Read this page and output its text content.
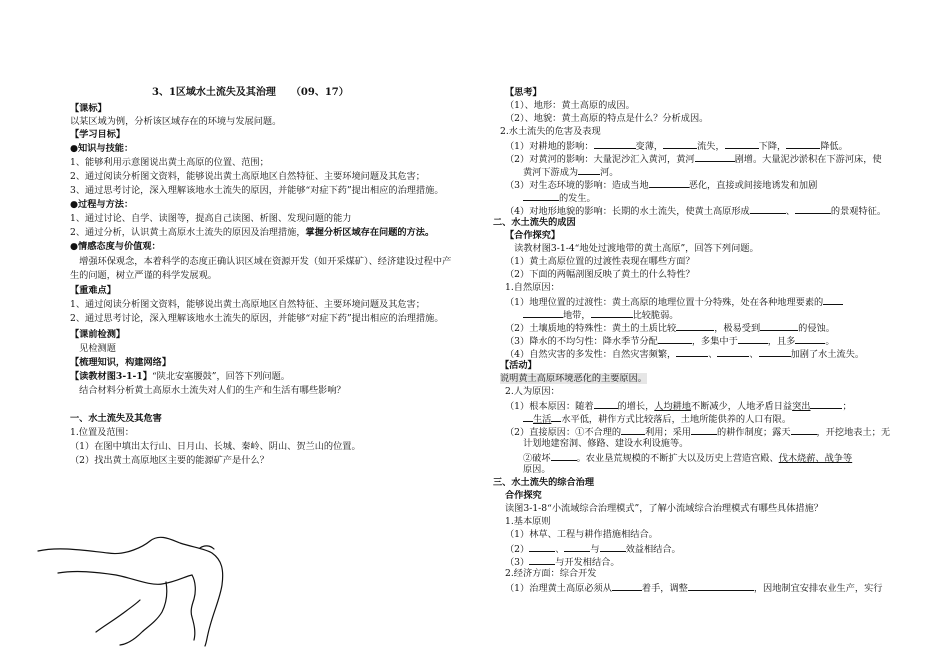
3、1区域水土流失及其治理　　（09、17）
【课标】
以某区域为例，分析该区域存在的环境与发展问题。
【学习目标】
●知识与技能：
1、能够利用示意图说出黄土高原的位置、范围；
2、通过阅读分析图文资料，能够说出黄土高原地区自然特征、主要环境问题及其危害；
3、通过思考讨论，深入理解该地水土流失的原因，并能够“对症下药”提出相应的治理措施。
●过程与方法：
1、通过讨论、自学、读图等，提高自己读图、析图、发现问题的能力
2、通过分析，认识黄土高原水土流失的原因及治理措施，掌握分析区域存在问题的方法。
●情感态度与价值观：
　增强环保观念，本着科学的态度正确认识区域在资源开发（如开采煤矿）、经济建设过程中产
生的问题，树立严谨的科学发展观。
【重难点】
1、通过阅读分析图文资料，能够说出黄土高原地区自然特征、主要环境问题及其危害；
2、通过思考讨论，深入理解该地水土流失的原因，并能够“对症下药”提出相应的治理措施。
【课前检测】
　见检测题
【梳理知识，构建网络】
【读教材图3-1-1】“陕北安塞腰鼓”，回答下列问题。
　结合材料分析黄土高原水土流失对人们的生产和生活有哪些影响？
一、水土流失及其危害
1.位置及范围：
（1）在图中填出太行山、日月山、长城、秦岭、阴山、贺兰山的位置。
（2）找出黄土高原地区主要的能源矿产是什么？
【思考】
（1）、地形：黄土高原的成因。
（2）、地貌：黄土高原的特点是什么？分析成因。
2.水土流失的危害及表现
（1）对耕地的影响：	变薄，	流失，	下降，	降低。
（2）对黄河的影响：大量泥沙汇入黄河，黄河	剧增。大量泥沙淤积在下游河床，使
黄河下游成为 河。
（3）对生态环境的影响：造成当地	恶化，直接或间接地诱发和加剧
的发生。
（4）对地形地貌的影响：长期的水土流失，使黄土高原形成	、	的景观特征。
二、水土流失的成因
【合作探究】
　读教材图3-1-4“地处过渡地带的黄土高原”，回答下列问题。
（1）黄土高原位置的过渡性表现在哪些方面？
（2）下面的两幅剖图反映了黄土的什么特性？
1.自然原因：
（1）地理位置的过渡性：黄土高原的地理位置十分特殊，处在各种地理要素的
地带，	比较脆弱。
（2）土壤质地的特殊性：黄土的土质比较	，极易受到	的侵蚀。
（3）降水的不均匀性：降水季节分配	，多集中于	，且多	。
（4）自然灾害的多发性：自然灾害频繁，	、	、	加剧了水土流失。
【活动】
说明黄土高原环境恶化的主要原因。
2.人为原因：
（1）根本原因：随着	的增长，人均耕地不断减少，人地矛盾日益突出	；
生活 水平低，耕作方式比较落后，土地所能供养的人口有限。
（2）直接原因：①不合理的	利用；采用	的耕作制度；露天	，开挖地表土；无
计划地建窑洞、修路、建设水利设施等。
②破坏	。农业垦荒规模的不断扩大以及历史上营造宫殿、伐木烧薪、战争等
原因。
三、水土流失的综合治理
合作探究
读图3-1-8“小流域综合治理模式”，了解小流域综合治理模式有哪些具体措施？
1.基本原则
（1）林草、工程与耕作措施相结合。
（2）	、	与	效益相结合。
（3）	与开发相结合。
2.经济方面：综合开发
（1）治理黄土高原必须从	着手，调整	，因地制宜安排农业生产，实行
